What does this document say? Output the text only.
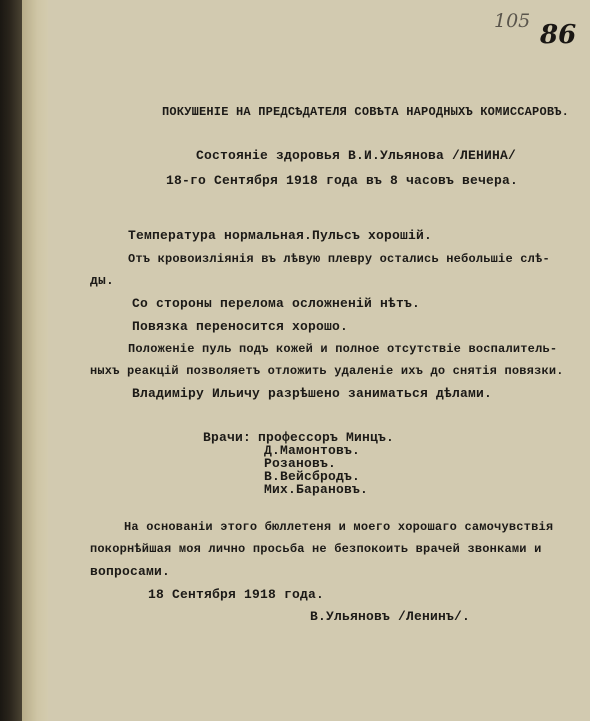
105 86
ПОКУШЕНІЕ НА ПРЕДСѢДАТЕЛЯ СОВѢТА НАРОДНЫХЪ КОМИССАРОВЪ.
Состояніе здоровья В.И.Ульянова /ЛЕНИНА/
18-го Сентября 1918 года въ 8 часовъ вечера.
Температура нормальная.Пульсъ хорошій.
Отъ кровоизліянія въ лѣвую плевру остались небольшіе слѣ-
ды.
Со стороны перелома осложненій нѣтъ.
Повязка переносится хорошо.
Положеніе пуль подъ кожей и полное отсутствіе воспалитель-
ныхъ реакцій позволяетъ отложить удаленіе ихъ до снятія повязки.
Владиміру Ильичу разрѣшено заниматься дѣлами.
Врачи: профессоръ Минцъ.
Д.Мамонтовъ.
Розановъ.
В.Вейсбродъ.
Мих.Барановъ.
На основаніи этого бюллетеня и моего хорошаго самочувствія
покорнѣйшая моя лично просьба не безпокоить врачей звонками и
вопросами.
18 Сентября 1918 года.
В.Ульяновъ /Ленинъ/.
